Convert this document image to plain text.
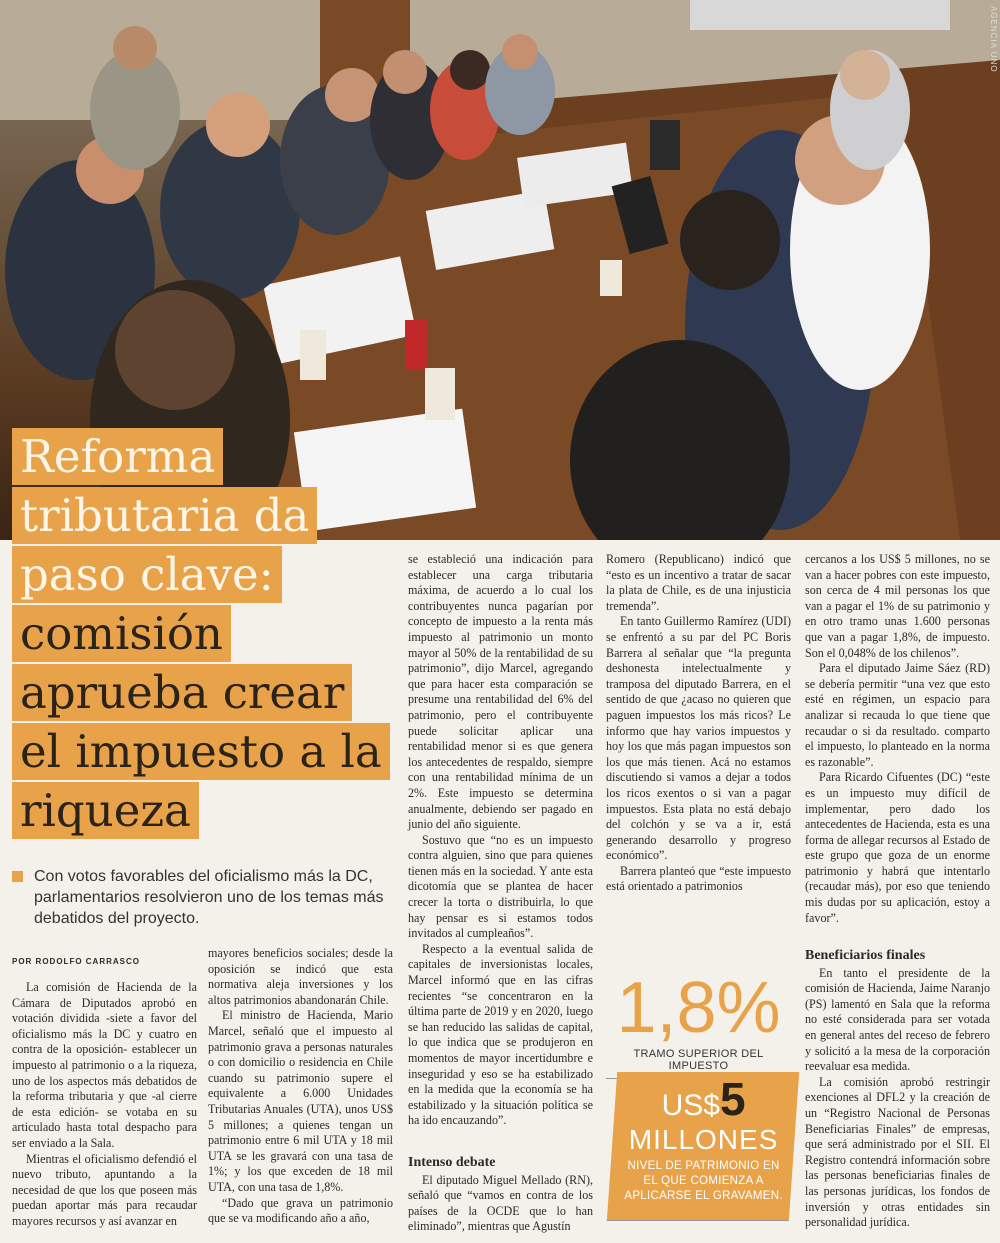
AGENCIA UNO
Reforma
tributaria da
paso clave:
comisión
aprueba crear
el impuesto a la
riqueza
Con votos favorables del oficialismo más la DC, parlamentarios resolvieron uno de los temas más debatidos del proyecto.
POR RODOLFO CARRASCO

La comisión de Hacienda de la Cámara de Diputados aprobó en votación dividida -siete a favor del oficialismo más la DC y cuatro en contra de la oposición- establecer un impuesto al patrimonio o a la riqueza, uno de los aspectos más debatidos de la reforma tributaria y que -al cierre de esta edición- se votaba en su articulado hasta total despacho para ser enviado a la Sala.

Mientras el oficialismo defendió el nuevo tributo, apuntando a la necesidad de que los que poseen más puedan aportar más para recaudar mayores recursos y así avanzar en

mayores beneficios sociales; desde la oposición se indicó que esta normativa aleja inversiones y los altos patrimonios abandonarán Chile.

El ministro de Hacienda, Mario Marcel, señaló que el impuesto al patrimonio grava a personas naturales o con domicilio o residencia en Chile cuando su patrimonio supere el equivalente a 6.000 Unidades Tributarias Anuales (UTA), unos US$ 5 millones; a quienes tengan un patrimonio entre 6 mil UTA y 18 mil UTA se les gravará con una tasa de 1%; y los que exceden de 18 mil UTA, con una tasa de 1,8%.

“Dado que grava un patrimonio que se va modificando año a año,

se estableció una indicación para establecer una carga tributaria máxima, de acuerdo a lo cual los contribuyentes nunca pagarían por concepto de impuesto a la renta más impuesto al patrimonio un monto mayor al 50% de la rentabilidad de su patrimonio”, dijo Marcel, agregando que para hacer esta comparación se presume una rentabilidad del 6% del patrimonio, pero el contribuyente puede solicitar aplicar una rentabilidad menor si es que genera los antecedentes de respaldo, siempre con una rentabilidad mínima de un 2%. Este impuesto se determina anualmente, debiendo ser pagado en junio del año siguiente.

Sostuvo que “no es un impuesto contra alguien, sino que para quienes tienen más en la sociedad. Y ante esta dicotomía que se plantea de hacer crecer la torta o distribuirla, lo que hay pensar es si estamos todos invitados al cumpleaños”.

Respecto a la eventual salida de capitales de inversionistas locales, Marcel informó que en las cifras recientes “se concentraron en la última parte de 2019 y en 2020, luego se han reducido las salidas de capital, lo que indica que se produjeron en momentos de mayor incertidumbre e inseguridad y eso se ha estabilizado en la medida que la economía se ha estabilizado y la situación política se ha ido encauzando”.

Intenso debate

El diputado Miguel Mellado (RN), señaló que “vamos en contra de los países de la OCDE que lo han eliminado”, mientras que Agustín

Romero (Republicano) indicó que “esto es un incentivo a tratar de sacar la plata de Chile, es de una injusticia tremenda”.

En tanto Guillermo Ramírez (UDI) se enfrentó a su par del PC Boris Barrera al señalar que “la pregunta deshonesta intelectualmente y tramposa del diputado Barrera, en el sentido de que ¿acaso no quieren que paguen impuestos los más ricos? Le informo que hay varios impuestos y hoy los que más pagan impuestos son los que más tienen. Acá no estamos discutiendo si vamos a dejar a todos los ricos exentos o si van a pagar impuestos. Esta plata no está debajo del colchón y se va a ir, está generando desarrollo y progreso económico”.

Barrera planteó que “este impuesto está orientado a patrimonios

1,8%
TRAMO SUPERIOR DEL IMPUESTO
US$5
MILLONES
NIVEL DE PATRIMONIO EN EL QUE COMIENZA A APLICARSE EL GRAVAMEN.

cercanos a los US$ 5 millones, no se van a hacer pobres con este impuesto, son cerca de 4 mil personas los que van a pagar el 1% de su patrimonio y en otro tramo unas 1.600 personas que van a pagar 1,8%, de impuesto. Son el 0,048% de los chilenos”.

Para el diputado Jaime Sáez (RD) se debería permitir “una vez que esto esté en régimen, un espacio para analizar si recauda lo que tiene que recaudar o si da resultado. comparto el impuesto, lo planteado en la norma es razonable”.

Para Ricardo Cifuentes (DC) “este es un impuesto muy difícil de implementar, pero dado los antecedentes de Hacienda, esta es una forma de allegar recursos al Estado de este grupo que goza de un enorme patrimonio y habrá que intentarlo (recaudar más), por eso que teniendo mis dudas por su aplicación, estoy a favor”.

Beneficiarios finales

En tanto el presidente de la comisión de Hacienda, Jaime Naranjo (PS) lamentó en Sala que la reforma no esté considerada para ser votada en general antes del receso de febrero y solicitó a la mesa de la corporación reevaluar esa medida.

La comisión aprobó restringir exenciones al DFL2 y la creación de un “Registro Nacional de Personas Beneficiarias Finales” de empresas, que será administrado por el SII. El Registro contendrá información sobre las personas beneficiarias finales de las personas jurídicas, los fondos de inversión y otras entidades sin personalidad jurídica.
